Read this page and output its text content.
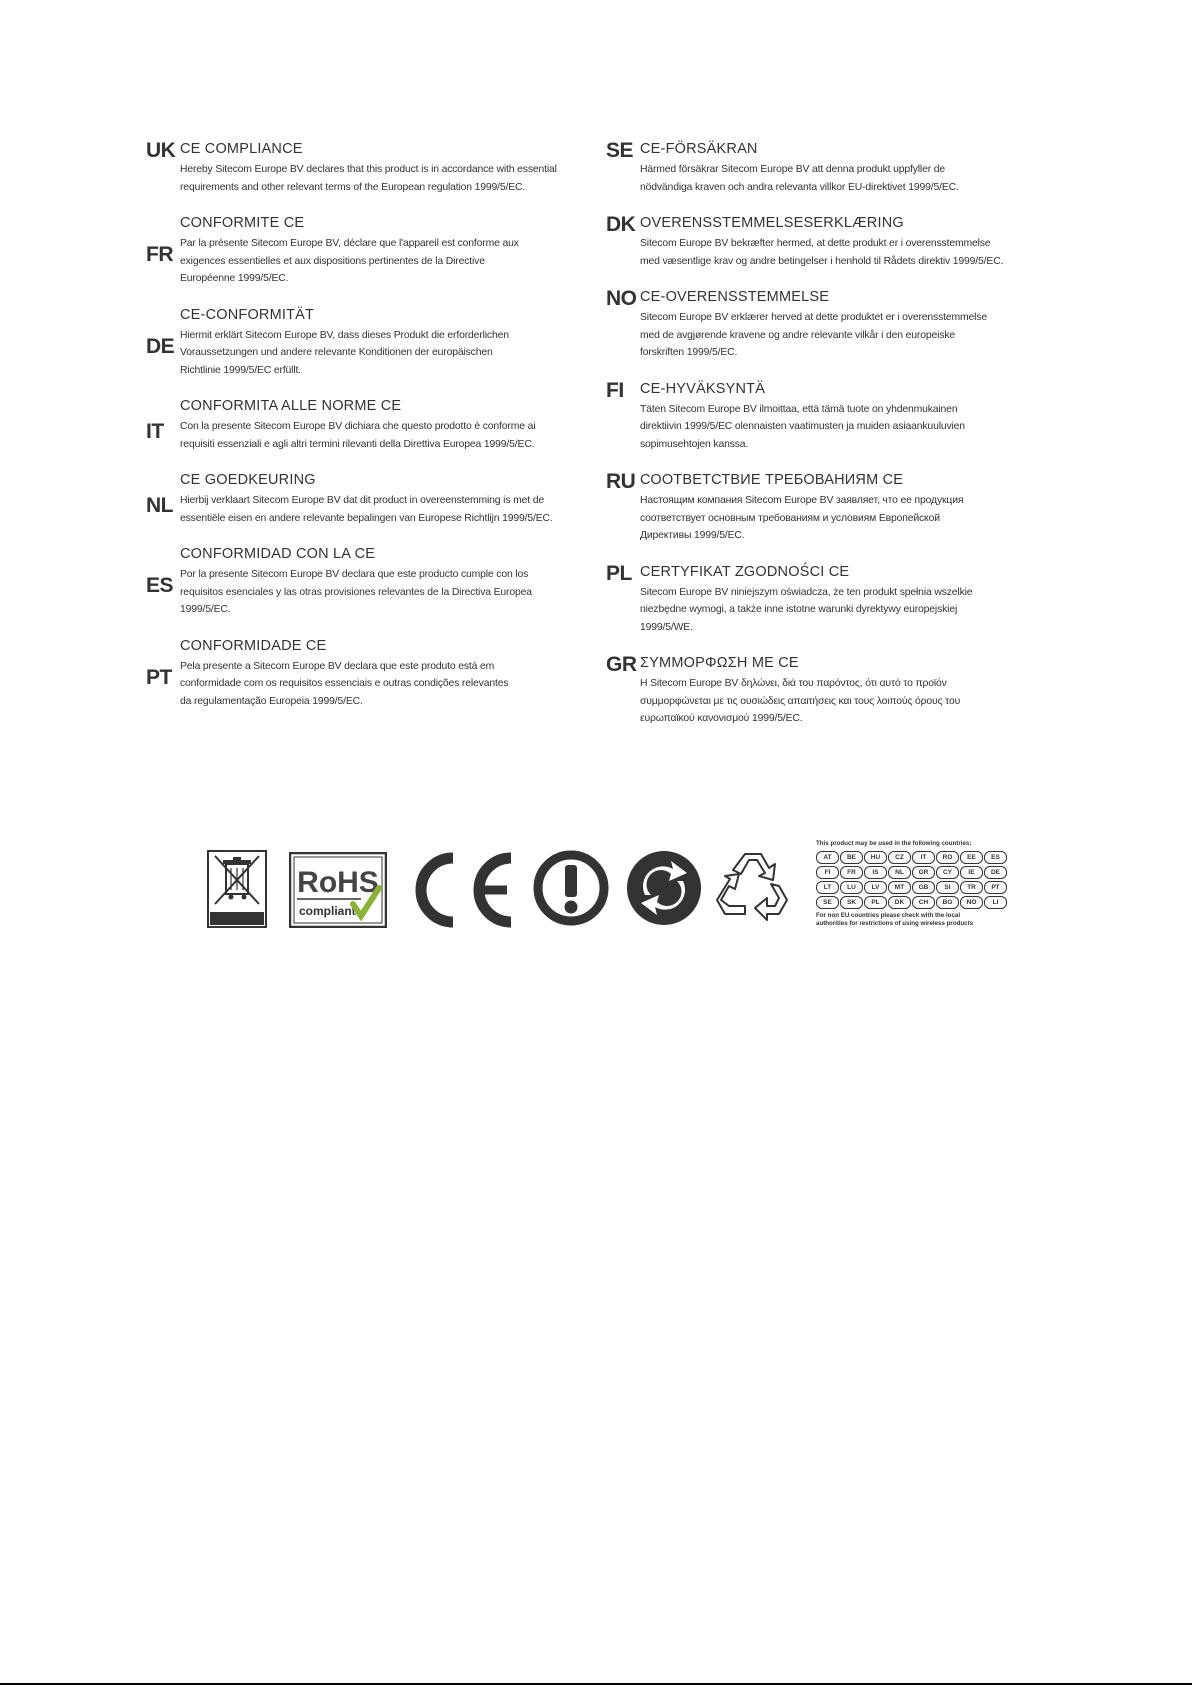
UK CE COMPLIANCE
Hereby Sitecom Europe BV declares that this product is in accordance with essential
requirements and other relevant terms of the European regulation 1999/5/EC.
FR
CONFORMITE CE
Par la présente Sitecom Europe BV, déclare que l'appareil est conforme aux
exigences essentielles et aux dispositions pertinentes de la Directive
Européenne 1999/5/EC.
DE
CE-CONFORMITÄT
Hiermit erklärt Sitecom Europe BV, dass dieses Produkt die erforderlichen
Voraussetzungen und andere relevante Konditionen der europäischen
Richtlinie 1999/5/EC erfüllt.
IT
CONFORMITA ALLE NORME CE
Con la presente Sitecom Europe BV dichiara che questo prodotto è conforme ai
requisiti essenziali e agli altri termini rilevanti della Direttiva Europea 1999/5/EC.
NL
CE GOEDKEURING
Hierbij verklaart Sitecom Europe BV dat dit product in overeenstemming is met de
essentiële eisen en andere relevante bepalingen van Europese Richtlijn 1999/5/EC.
ES
CONFORMIDAD CON LA CE
Por la presente Sitecom Europe BV declara que este producto cumple con los
requisitos esenciales y las otras provisiones relevantes de la Directiva Europea
1999/5/EC.
PT
CONFORMIDADE CE
Pela presente a Sitecom Europe BV declara que este produto está em
conformidade com os requisitos essenciais e outras condições relevantes
da regulamentação Europeia 1999/5/EC.
SE CE-FÖRSÄKRAN
Härmed försäkrar Sitecom Europe BV att denna produkt uppfyller de
nödvändiga kraven och andra relevanta villkor EU-direktivet 1999/5/EC.
DK OVERENSSTEMMELSESERKLÆRING
Sitecom Europe BV bekræfter hermed, at dette produkt er i overensstemmelse
med væsentlige krav og andre betingelser i henhold til Rådets direktiv 1999/5/EC.
NO CE-OVERENSSTEMMELSE
Sitecom Europe BV erklærer herved at dette produktet er i overensstemmelse
med de avgjørende kravene og andre relevante vilkår i den europeiske
forskriften 1999/5/EC.
FI CE-HYVÄKSYNTÄ
Täten Sitecom Europe BV ilmoittaa, että tämä tuote on yhdenmukainen
direktiivin 1999/5/EC olennaisten vaatimusten ja muiden asiaankuuluvien
sopimusehtojen kanssa.
RU СООТВЕТСТВИЕ ТРЕБОВАНИЯМ CE
Настоящим компания Sitecom Europe BV заявляет, что ее продукция
соответствует основным требованиям и условиям Европейской
Директивы 1999/5/EC.
PL CERTYFIKAT ZGODNOŚCI CE
Sitecom Europe BV niniejszym oświadcza, że ten produkt spełnia wszelkie
niezbędne wymogi, a także inne istotne warunki dyrektywy europejskiej
1999/5/WE.
GR ΣΥΜΜΟΡΦΩΣΗ ΜΕ CE
Η Sitecom Europe BV δηλώνει, διά του παρόντος, ότι αυτό το προϊόν
συμμορφώνεται με τις ουσιώδεις απαιτήσεις και τους λοιπούς όρους του
ευρωπαϊκού κανονισμού 1999/5/EC.
RoHS
compliant
This product may be used in the following countries:
AT	BE	HU	CZ	IT	RO	EE	ES
FI	FR	IS	NL	GR	CY	IE	DE
LT	LU	LV	MT	GB	SI	TR	PT
SE	SK	PL	DK	CH	BG	NO	LI
For non EU countries please check with the local
authorities for restrictions of using wireless products
